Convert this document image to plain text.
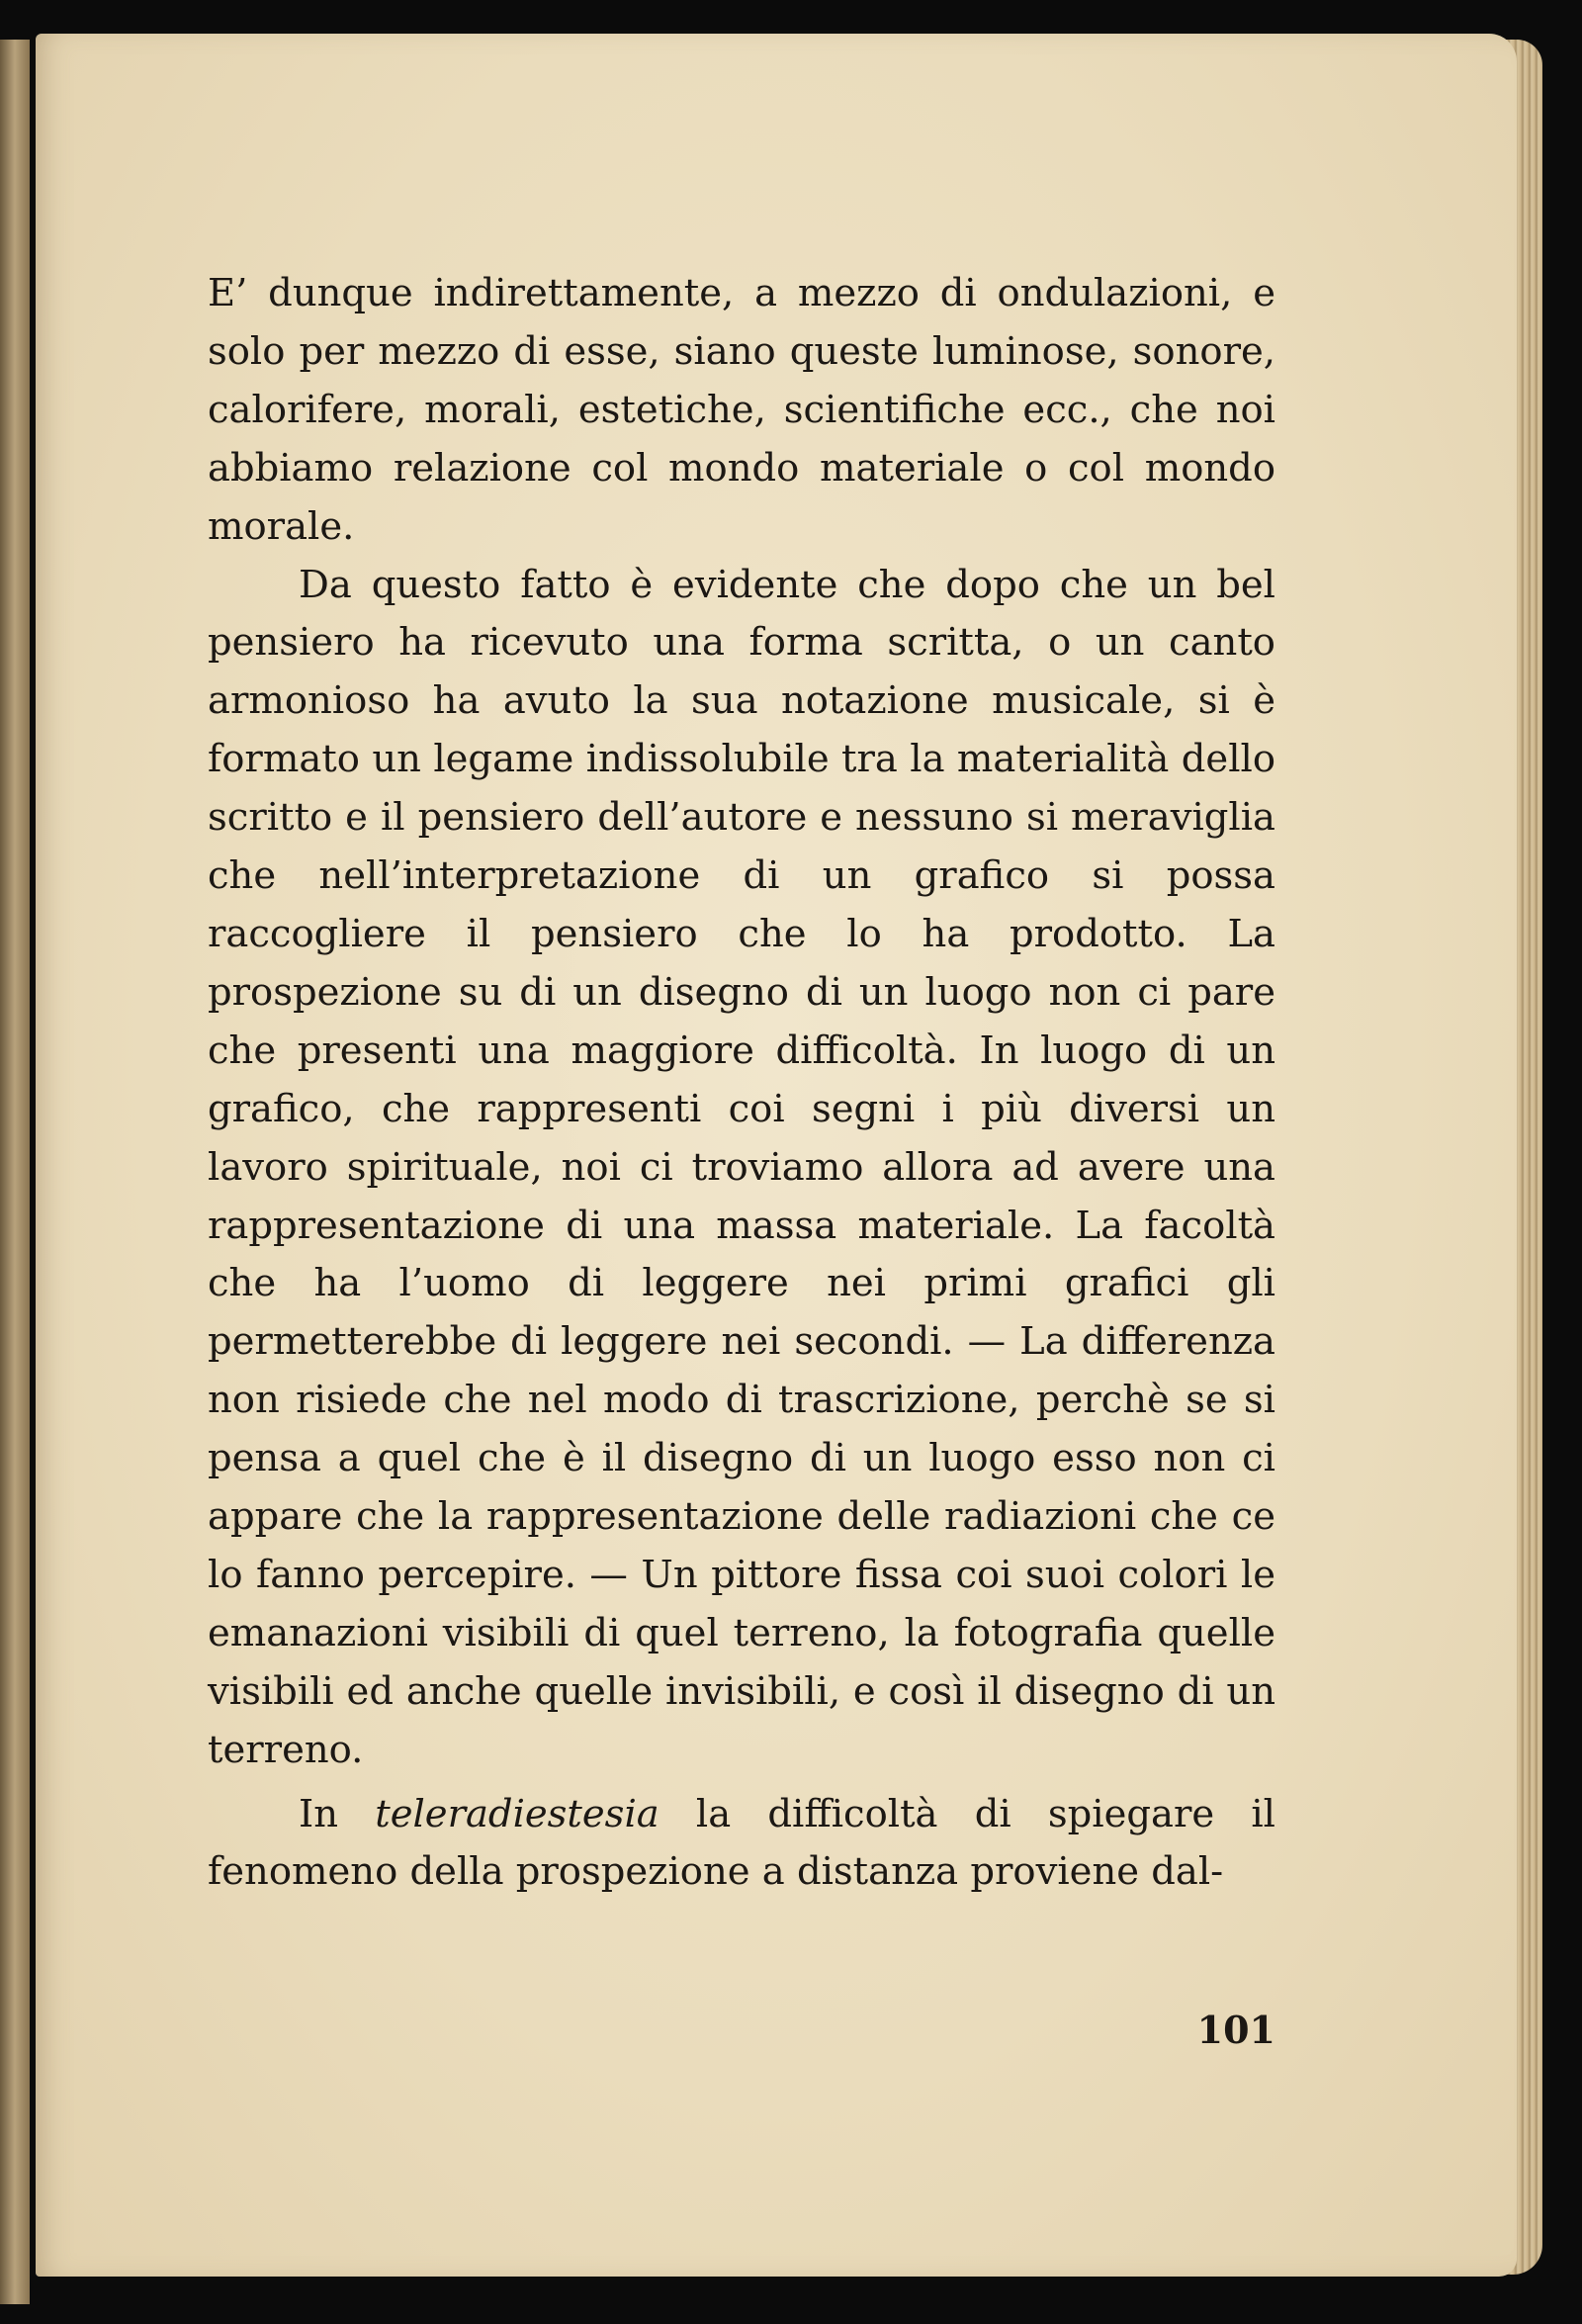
E’ dunque indirettamente, a mezzo di ondulazioni, e solo per mezzo di esse, siano queste luminose, sonore, calorifere, morali, estetiche, scientifiche ecc., che noi abbiamo relazione col mondo materiale o col mondo morale.

Da questo fatto è evidente che dopo che un bel pensiero ha ricevuto una forma scritta, o un canto armonioso ha avuto la sua notazione musicale, si è formato un legame indissolubile tra la materialità dello scritto e il pensiero dell’autore e nessuno si meraviglia che nell’interpretazione di un grafico si possa raccogliere il pensiero che lo ha prodotto. La prospezione su di un disegno di un luogo non ci pare che presenti una maggiore difficoltà. In luogo di un grafico, che rappresenti coi segni i più diversi un lavoro spirituale, noi ci troviamo allora ad avere una rappresentazione di una massa materiale. La facoltà che ha l’uomo di leggere nei primi grafici gli permetterebbe di leggere nei secondi. — La differenza non risiede che nel modo di trascrizione, perchè se si pensa a quel che è il disegno di un luogo esso non ci appare che la rappresentazione delle radiazioni che ce lo fanno percepire. — Un pittore fissa coi suoi colori le emanazioni visibili di quel terreno, la fotografia quelle visibili ed anche quelle invisibili, e così il disegno di un terreno.

In teleradiestesia la difficoltà di spiegare il fenomeno della prospezione a distanza proviene dal-

101
